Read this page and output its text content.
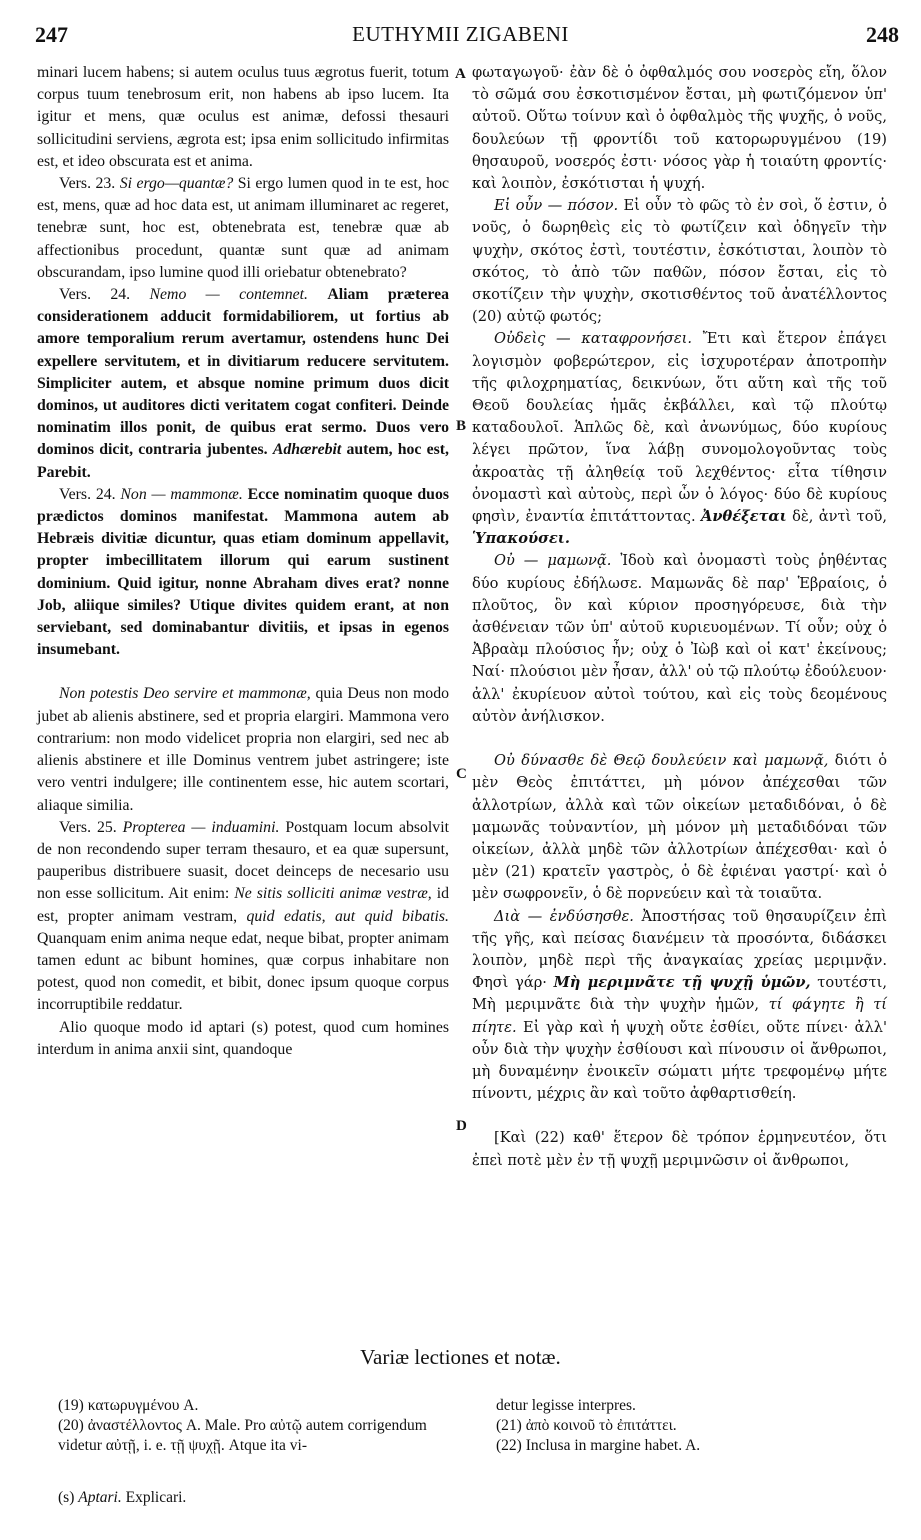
247	EUTHYMII ZIGABENI	248

minari lucem habens; si autem oculus tuus ægrotus fuerit, totum corpus tuum tenebrosum erit, non habens ab ipso lucem. Ita igitur et mens, quæ oculus est animæ, defossi thesauri sollicitudini serviens, ægrota est; ipsa enim sollicitudo infirmitas est, et ideo obscurata est et anima.

Vers. 23. Si ergo—quantæ? Si ergo lumen quod in te est, hoc est, mens, quæ ad hoc data est, ut animam illuminaret ac regeret, tenebræ sunt, hoc est, obtenebrata est, tenebræ quæ ab affectionibus procedunt, quantæ sunt quæ ad animam obscurandam, ipso lumine quod illi oriebatur obtenebrato?

Vers. 24. Nemo — contemnet. Aliam præterea considerationem adducit formidabiliorem, ut fortius ab amore temporalium rerum avertamur, ostendens hunc Dei expellere servitutem, et in divitiarum reducere servitutem. Simpliciter autem, et absque nomine primum duos dicit dominos, ut auditores dicti veritatem cogat confiteri. Deinde nominatim illos ponit, de quibus erat sermo. Duos vero dominos dicit, contraria jubentes. Adhærebit autem, hoc est, Parebit.

Vers. 24. Non — mammonæ. Ecce nominatim quoque duos prædictos dominos manifestat. Mammona autem ab Hebræis divitiæ dicuntur, quas etiam dominum appellavit, propter imbecillitatem illorum qui earum sustinent dominium. Quid igitur, nonne Abraham dives erat? nonne Job, aliique similes? Utique divites quidem erant, at non serviebant, sed dominabantur divitiis, et ipsas in egenos insumebant.

Non potestis Deo servire et mammonæ, quia Deus non modo jubet ab alienis abstinere, sed et propria elargiri. Mammona vero contrarium: non modo videlicet propria non elargiri, sed nec ab alienis abstinere et ille Dominus ventrem jubet astringere; iste vero ventri indulgere; ille continentem esse, hic autem scortari, aliaque similia.

Vers. 25. Propterea — induamini. Postquam locum absolvit de non recondendo super terram thesauro, et ea quæ supersunt, pauperibus distribuere suasit, docet deinceps de necesario usu non esse sollicitum. Ait enim: Ne sitis solliciti animæ vestræ, id est, propter animam vestram, quid edatis, aut quid bibatis. Quanquam enim anima neque edat, neque bibat, propter animam tamen edunt ac bibunt homines, quæ corpus inhabitare non potest, quod non comedit, et bibit, donec ipsum quoque corpus incorruptibile reddatur.

Alio quoque modo id aptari (s) potest, quod cum homines interdum in anima anxii sint, quandoque

A
B
C
D

φωταγωγοῦ· ἐὰν δὲ ὁ ὀφθαλμός σου νοσερὸς εἴη, ὅλον τὸ σῶμά σου ἐσκοτισμένον ἔσται, μὴ φωτιζόμενον ὑπ' αὐτοῦ. Οὕτω τοίνυν καὶ ὁ ὀφθαλμὸς τῆς ψυχῆς, ὁ νοῦς, δουλεύων τῇ φροντίδι τοῦ κατορωρυγμένου (19) θησαυροῦ, νοσερός ἐστι· νόσος γὰρ ἡ τοιαύτη φροντίς· καὶ λοιπὸν, ἐσκότισται ἡ ψυχή.

Εἰ οὖν — πόσον. Εἰ οὖν τὸ φῶς τὸ ἐν σοὶ, ὅ ἐστιν, ὁ νοῦς, ὁ δωρηθεὶς εἰς τὸ φωτίζειν καὶ ὁδηγεῖν τὴν ψυχὴν, σκότος ἐστὶ, τουτέστιν, ἐσκότισται, λοιπὸν τὸ σκότος, τὸ ἀπὸ τῶν παθῶν, πόσον ἔσται, εἰς τὸ σκοτίζειν τὴν ψυχὴν, σκοτισθέντος τοῦ ἀνατέλλοντος (20) αὐτῷ φωτός;

Οὐδεὶς — καταφρονήσει. Ἔτι καὶ ἕτερον ἐπάγει λογισμὸν φοβερώτερον, εἰς ἰσχυροτέραν ἀποτροπὴν τῆς φιλοχρηματίας, δεικνύων, ὅτι αὕτη καὶ τῆς τοῦ Θεοῦ δουλείας ἡμᾶς ἐκβάλλει, καὶ τῷ πλούτῳ καταδουλοῖ. Ἁπλῶς δὲ, καὶ ἀνωνύμως, δύο κυρίους λέγει πρῶτον, ἵνα λάβῃ συνομολογοῦντας τοὺς ἀκροατὰς τῇ ἀληθείᾳ τοῦ λεχθέντος· εἶτα τίθησιν ὀνομαστὶ καὶ αὐτοὺς, περὶ ὧν ὁ λόγος· δύο δὲ κυρίους φησὶν, ἐναντία ἐπιτάττοντας. Ἀνθέξεται δὲ, ἀντὶ τοῦ, Ὑπακούσει.

Οὐ — μαμωνᾷ. Ἰδοὺ καὶ ὀνομαστὶ τοὺς ῥηθέντας δύο κυρίους ἐδήλωσε. Μαμωνᾶς δὲ παρ' Ἑβραίοις, ὁ πλοῦτος, ὃν καὶ κύριον προσηγόρευσε, διὰ τὴν ἀσθένειαν τῶν ὑπ' αὐτοῦ κυριευομένων. Τί οὖν; οὐχ ὁ Ἀβραὰμ πλούσιος ἦν; οὐχ ὁ Ἰὼβ καὶ οἱ κατ' ἐκείνους; Ναί· πλούσιοι μὲν ἦσαν, ἀλλ' οὐ τῷ πλούτῳ ἐδούλευον· ἀλλ' ἐκυρίευον αὐτοὶ τούτου, καὶ εἰς τοὺς δεομένους αὐτὸν ἀνήλισκον.

Οὐ δύνασθε δὲ Θεῷ δουλεύειν καὶ μαμωνᾷ, διότι ὁ μὲν Θεὸς ἐπιτάττει, μὴ μόνον ἀπέχεσθαι τῶν ἀλλοτρίων, ἀλλὰ καὶ τῶν οἰκείων μεταδιδόναι, ὁ δὲ μαμωνᾶς τοὐναντίον, μὴ μόνον μὴ μεταδιδόναι τῶν οἰκείων, ἀλλὰ μηδὲ τῶν ἀλλοτρίων ἀπέχεσθαι· καὶ ὁ μὲν (21) κρατεῖν γαστρὸς, ὁ δὲ ἐφιέναι γαστρί· καὶ ὁ μὲν σωφρονεῖν, ὁ δὲ πορνεύειν καὶ τὰ τοιαῦτα.

Διὰ — ἐνδύσησθε. Ἀποστήσας τοῦ θησαυρίζειν ἐπὶ τῆς γῆς, καὶ πείσας διανέμειν τὰ προσόντα, διδάσκει λοιπὸν, μηδὲ περὶ τῆς ἀναγκαίας χρείας μεριμνᾷν. Φησὶ γάρ· Μὴ μεριμνᾶτε τῇ ψυχῇ ὑμῶν, τουτέστι, Μὴ μεριμνᾶτε διὰ τὴν ψυχὴν ἡμῶν, τί φάγητε ἢ τί πίητε. Εἰ γὰρ καὶ ἡ ψυχὴ οὔτε ἐσθίει, οὔτε πίνει· ἀλλ' οὖν διὰ τὴν ψυχὴν ἐσθίουσι καὶ πίνουσιν οἱ ἄνθρωποι, μὴ δυναμένην ἐνοικεῖν σώματι μήτε τρεφομένῳ μήτε πίνοντι, μέχρις ἂν καὶ τοῦτο ἀφθαρτισθείη.

[Καὶ (22) καθ' ἕτερον δὲ τρόπον ἑρμηνευτέον, ὅτι ἐπεὶ ποτὲ μὲν ἐν τῇ ψυχῇ μεριμνῶσιν οἱ ἄνθρωποι,

Variæ lectiones et notæ.

(19) κατωρυγμένου A.

(20) ἀναστέλλοντος A. Male. Pro αὐτῷ autem corrigendum videtur αὐτῇ, i. e. τῇ ψυχῇ. Atque ita vi-

detur legisse interpres.

(21) ἀπὸ κοινοῦ τὸ ἐπιτάττει.

(22) Inclusa in margine habet. A.

(s) Aptari. Explicari.
